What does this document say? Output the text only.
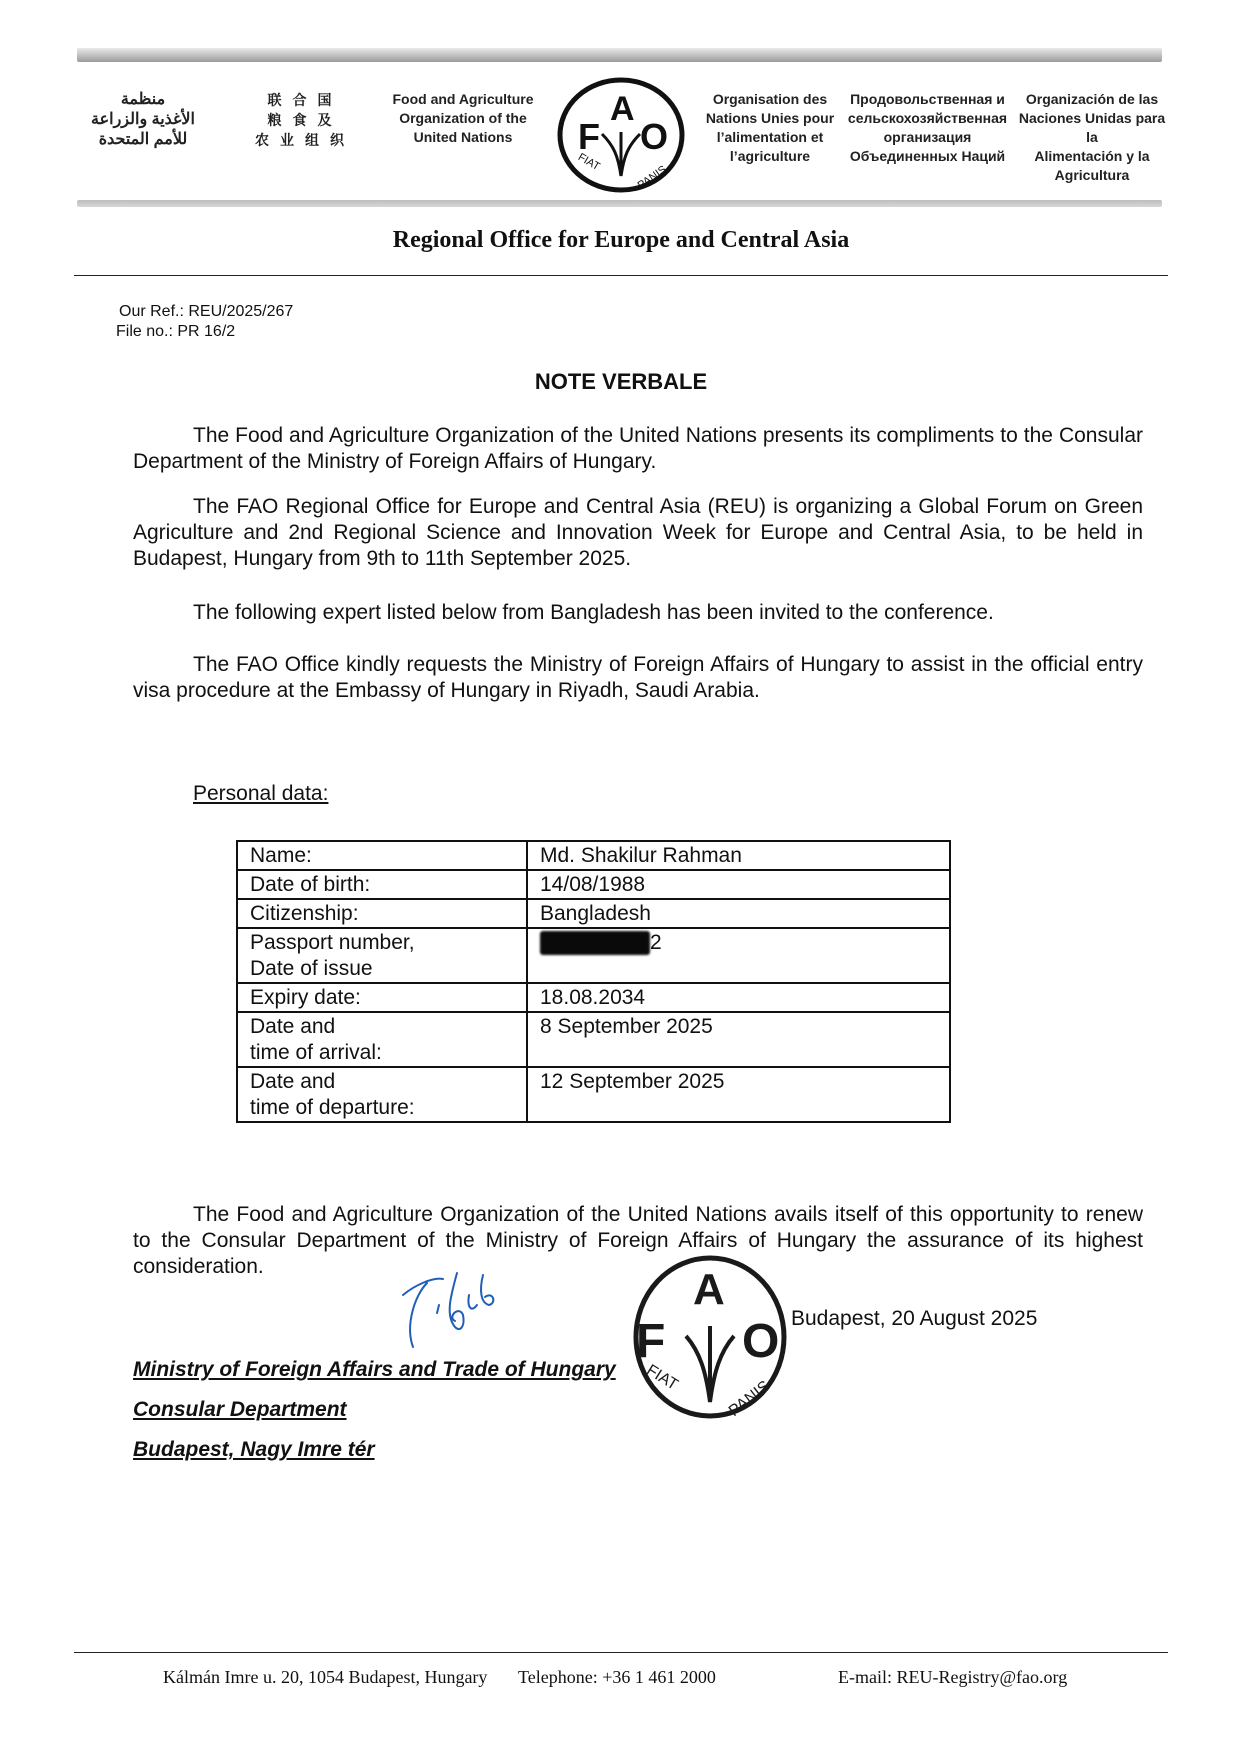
منظمة
الأغذية والزراعة
للأمم المتحدة
联合国
粮食及
农业组织
Food and Agriculture
Organization of the
United Nations	F
A
O
FIAT
PANIS
Organisation des
Nations Unies pour
l’alimentation et
l’agriculture
Продовольственная и
сельскохозяйственная
организация
Объединенных Наций
Organización de las
Naciones Unidas para la
Alimentación y la
Agricultura
Regional Office for Europe and Central Asia
Our Ref.: REU/2025/267
File no.: PR 16/2
NOTE VERBALE

The Food and Agriculture Organization of the United Nations presents its compliments to the Consular Department of the Ministry of Foreign Affairs of Hungary.

The FAO Regional Office for Europe and Central Asia (REU) is organizing a Global Forum on Green Agriculture and 2nd Regional Science and Innovation Week for Europe and Central Asia, to be held in Budapest, Hungary from 9th to 11th September 2025.

The following expert listed below from Bangladesh has been invited to the conference.

The FAO Office kindly requests the Ministry of Foreign Affairs of Hungary to assist in the official entry visa procedure at the Embassy of Hungary in Riyadh, Saudi Arabia.

Personal data:
Name:	Md. Shakilur Rahman
Date of birth:	14/08/1988
Citizenship:	Bangladesh
Passport number,
Date of issue	2
Expiry date:	18.08.2034
Date and
time of arrival:	8 September 2025
Date and
time of departure:	12 September 2025

The Food and Agriculture Organization of the United Nations avails itself of this opportunity to renew to the Consular Department of the Ministry of Foreign Affairs of Hungary the assurance of its highest consideration.

F
A
O
FIAT
PANIS
Budapest, 20 August 2025
Ministry of Foreign Affairs and Trade of Hungary
Consular Department
Budapest, Nagy Imre tér
Kálmán Imre u. 20, 1054 Budapest, Hungary Telephone: +36 1 461 2000	E-mail: REU-Registry@fao.org
